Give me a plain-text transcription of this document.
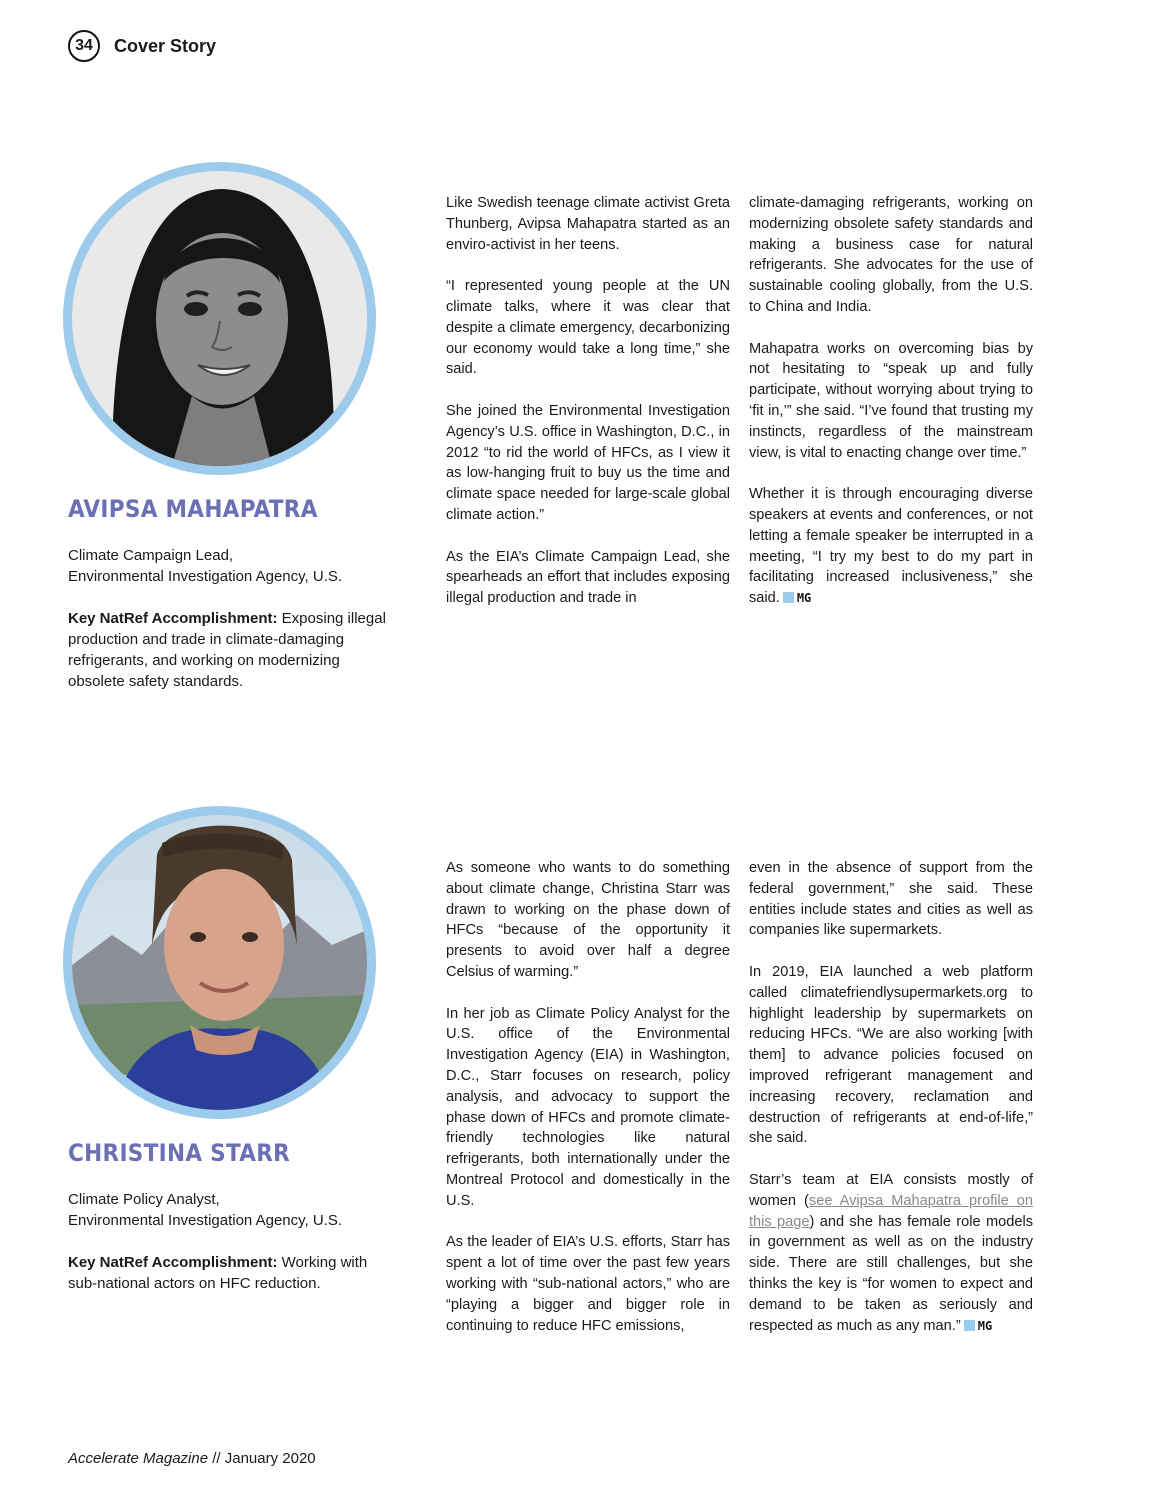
34	Cover Story
AVIPSA MAHAPATRA

Climate Campaign Lead,
Environmental Investigation Agency, U.S.

Key NatRef Accomplishment: Exposing illegal production and trade in climate-damaging refrigerants, and working on modernizing obsolete safety standards.

Like Swedish teenage climate activist Greta Thunberg, Avipsa Mahapatra started as an enviro-activist in her teens.

“I represented young people at the UN climate talks, where it was clear that despite a climate emergency, decarbonizing our economy would take a long time,” she said.

She joined the Environmental Investigation Agency’s U.S. office in Washington, D.C., in 2012 “to rid the world of HFCs, as I view it as low-hanging fruit to buy us the time and climate space needed for large-scale global climate action.”

As the EIA’s Climate Campaign Lead, she spearheads an effort that includes exposing illegal production and trade in

climate-damaging refrigerants, working on modernizing obsolete safety standards and making a business case for natural refrigerants. She advocates for the use of sustainable cooling globally, from the U.S. to China and India.

Mahapatra works on overcoming bias by not hesitating to “speak up and fully participate, without worrying about trying to ‘fit in,’” she said. “I’ve found that trusting my instincts, regardless of the mainstream view, is vital to enacting change over time.”

Whether it is through encouraging diverse speakers at events and conferences, or not letting a female speaker be interrupted in a meeting, “I try my best to do my part in facilitating increased inclusiveness,” she said. MG

CHRISTINA STARR

Climate Policy Analyst,
Environmental Investigation Agency, U.S.

Key NatRef Accomplishment: Working with sub-national actors on HFC reduction.

As someone who wants to do something about climate change, Christina Starr was drawn to working on the phase down of HFCs “because of the opportunity it presents to avoid over half a degree Celsius of warming.”

In her job as Climate Policy Analyst for the U.S. office of the Environmental Investigation Agency (EIA) in Washington, D.C., Starr focuses on research, policy analysis, and advocacy to support the phase down of HFCs and promote climate-friendly technologies like natural refrigerants, both internationally under the Montreal Protocol and domestically in the U.S.

As the leader of EIA’s U.S. efforts, Starr has spent a lot of time over the past few years working with “sub-national actors,” who are “playing a bigger and bigger role in continuing to reduce HFC emissions,

even in the absence of support from the federal government,” she said. These entities include states and cities as well as companies like supermarkets.

In 2019, EIA launched a web platform called climatefriendlysupermarkets.org to highlight leadership by supermarkets on reducing HFCs. “We are also working [with them] to advance policies focused on improved refrigerant management and increasing recovery, reclamation and destruction of refrigerants at end-of-life,” she said.

Starr’s team at EIA consists mostly of women (see Avipsa Mahapatra profile on this page) and she has female role models in government as well as on the industry side. There are still challenges, but she thinks the key is “for women to expect and demand to be taken as seriously and respected as much as any man.” MG

Accelerate Magazine // January 2020
